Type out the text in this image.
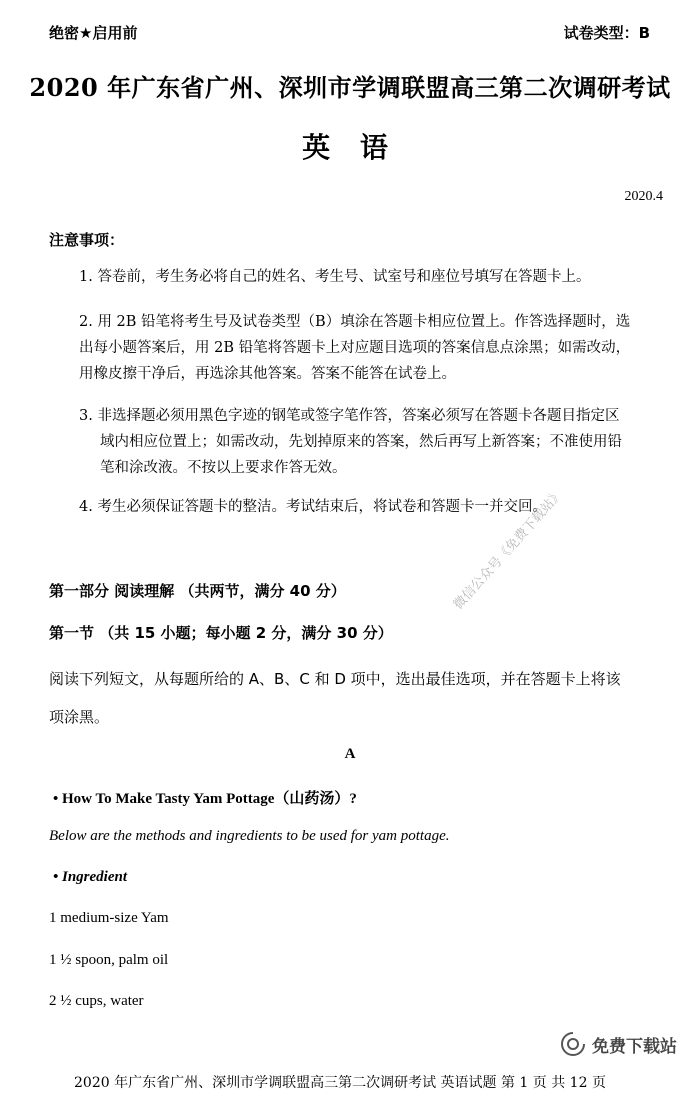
绝密★启用前	试卷类型：B
2020 年广东省广州、深圳市学调联盟高三第二次调研考试
英 语
2020.4
注意事项：
1. 答卷前，考生务必将自己的姓名、考生号、试室号和座位号填写在答题卡上。
2. 用 2B 铅笔将考生号及试卷类型（B）填涂在答题卡相应位置上。作答选择题时，选
出每小题答案后，用 2B 铅笔将答题卡上对应题目选项的答案信息点涂黑；如需改动，
用橡皮擦干净后，再选涂其他答案。答案不能答在试卷上。
3. 非选择题必须用黑色字迹的钢笔或签字笔作答，答案必须写在答题卡各题目指定区
域内相应位置上；如需改动，先划掉原来的答案，然后再写上新答案；不准使用铅
笔和涂改液。不按以上要求作答无效。
4. 考生必须保证答题卡的整洁。考试结束后，将试卷和答题卡一并交回。
第一部分 阅读理解 （共两节，满分 40 分）
第一节 （共 15 小题；每小题 2 分，满分 30 分）
阅读下列短文，从每题所给的 A、B、C 和 D 项中，选出最佳选项，并在答题卡上将该
项涂黑。
A
• How To Make Tasty Yam Pottage（山药汤）?
Below are the methods and ingredients to be used for yam pottage.
• Ingredient
1 medium-size Yam
1 ½ spoon, palm oil
2 ½ cups, water
微信公众号《免费下载站》
免费下载站
2020 年广东省广州、深圳市学调联盟高三第二次调研考试 英语试题 第 1 页 共 12 页
